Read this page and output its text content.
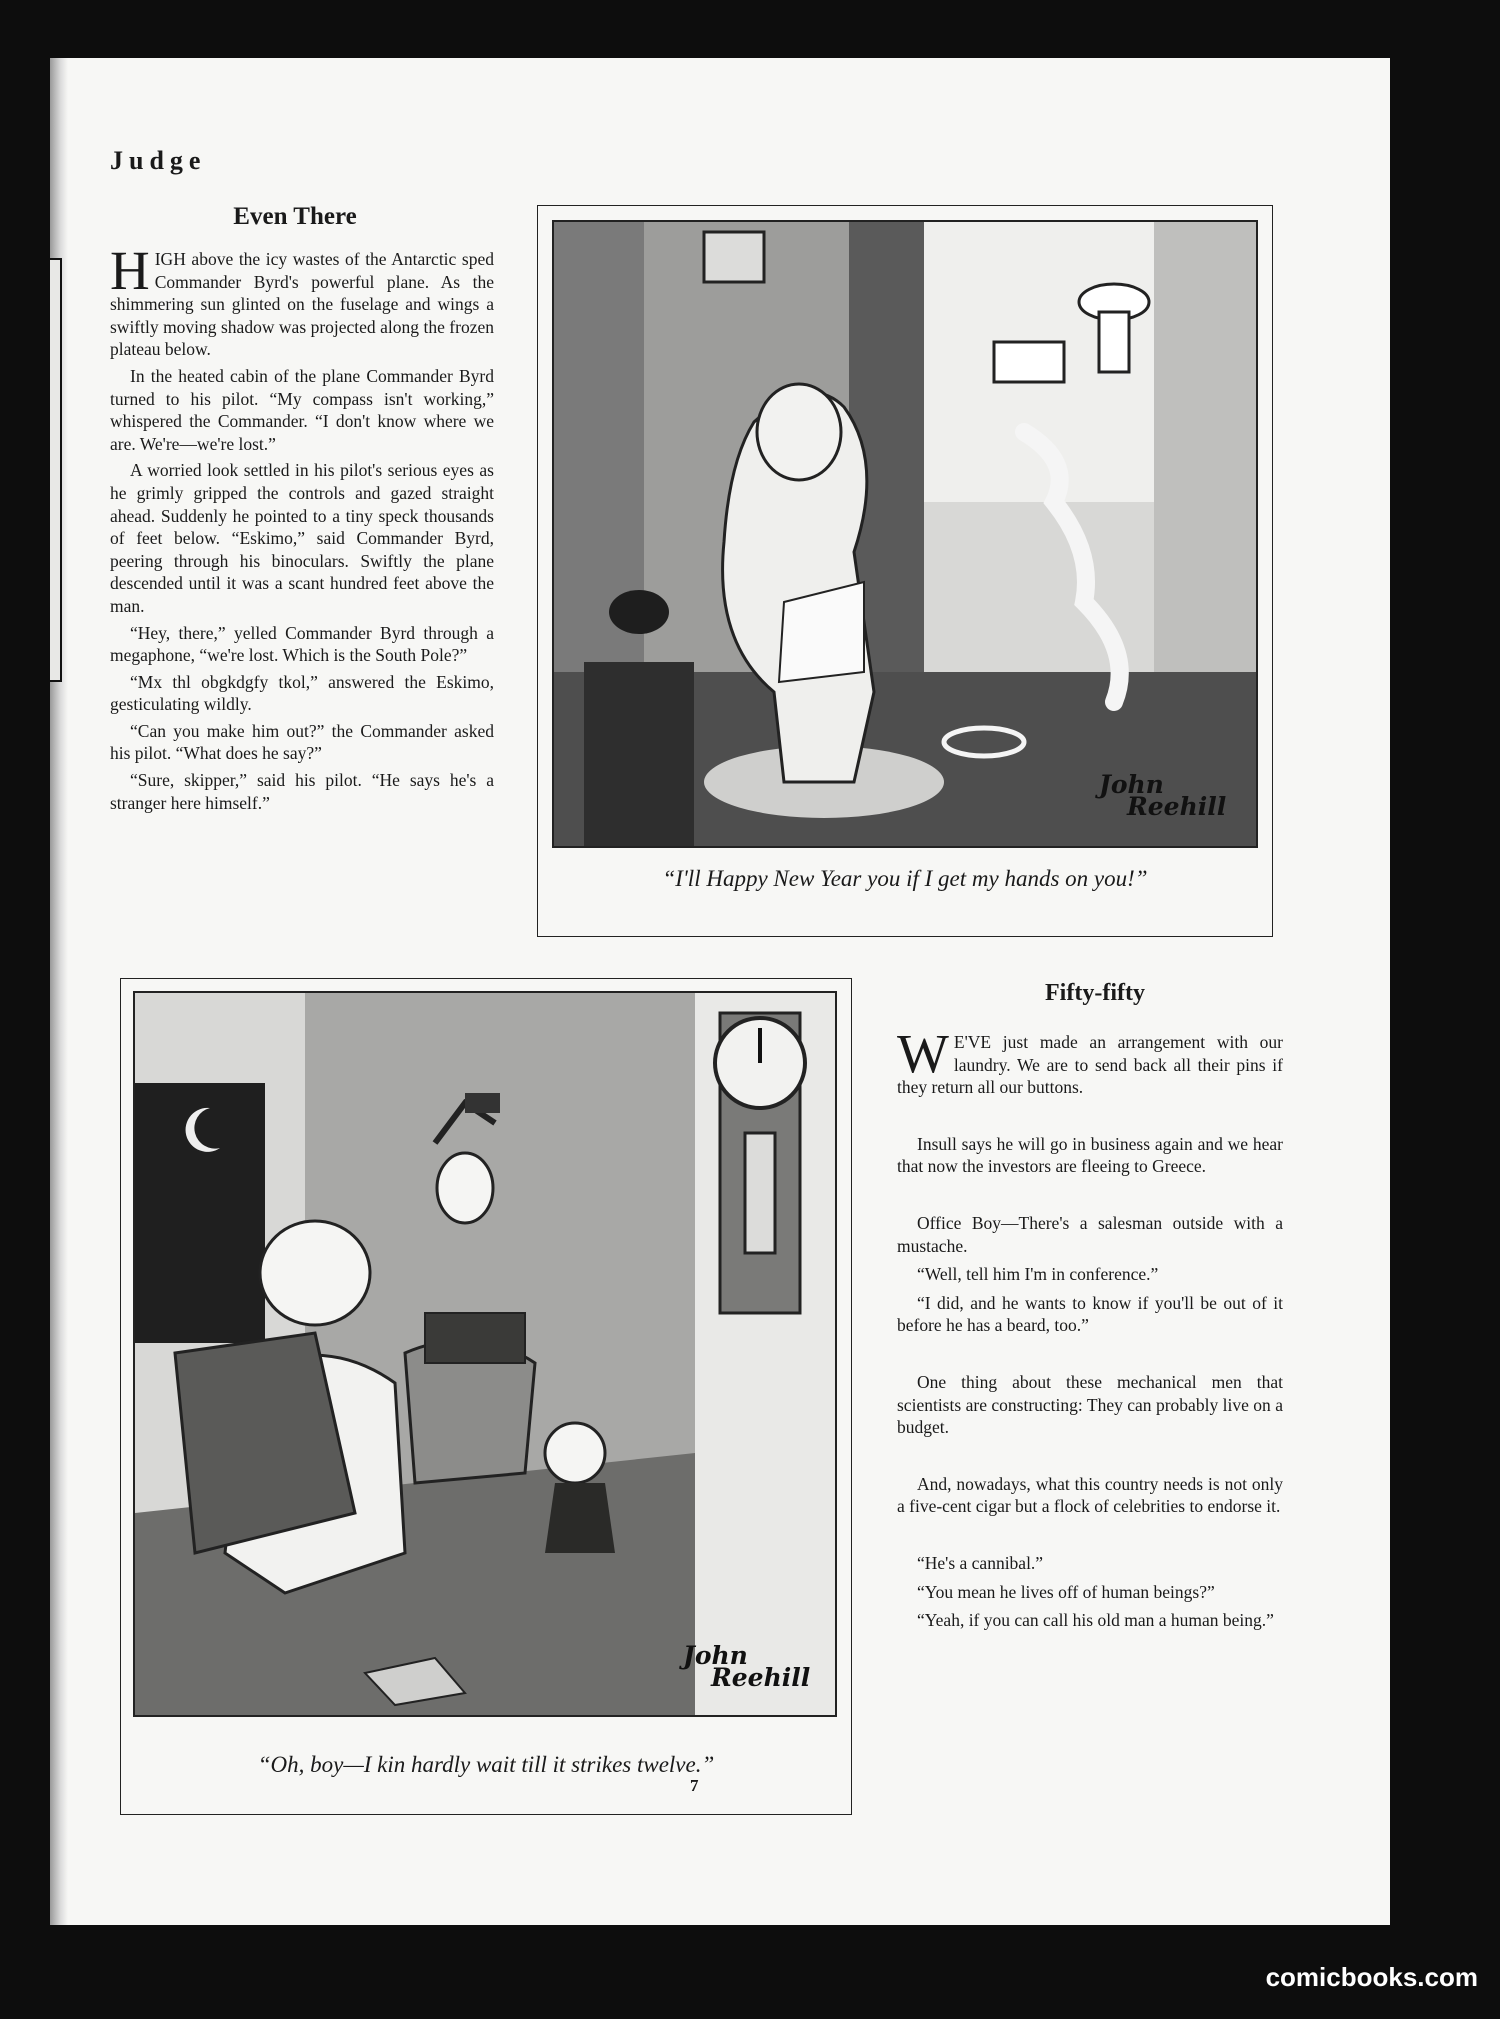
Judge
Even There

HIGH above the icy wastes of the Antarctic sped Commander Byrd's powerful plane. As the shimmering sun glinted on the fuselage and wings a swiftly moving shadow was projected along the frozen plateau below.

In the heated cabin of the plane Commander Byrd turned to his pilot. “My compass isn't working,” whispered the Commander. “I don't know where we are. We're—we're lost.”

A worried look settled in his pilot's serious eyes as he grimly gripped the controls and gazed straight ahead. Suddenly he pointed to a tiny speck thousands of feet below. “Eskimo,” said Commander Byrd, peering through his binoculars. Swiftly the plane descended until it was a scant hundred feet above the man.

“Hey, there,” yelled Commander Byrd through a megaphone, “we're lost. Which is the South Pole?”

“Mx thl obgkdgfy tkol,” answered the Eskimo, gesticulating wildly.

“Can you make him out?” the Commander asked his pilot. “What does he say?”

“Sure, skipper,” said his pilot. “He says he's a stranger here himself.”

John
Reehill
“I'll Happy New Year you if I get my hands on you!”
John
Reehill
“Oh, boy—I kin hardly wait till it strikes twelve.”
Fifty-fifty

W E'VE just made an arrangement with our laundry. We are to send back all their pins if they return all our buttons.

Insull says he will go in business again and we hear that now the investors are fleeing to Greece.

Office Boy—There's a salesman outside with a mustache.

“Well, tell him I'm in conference.”

“I did, and he wants to know if you'll be out of it before he has a beard, too.”

One thing about these mechanical men that scientists are constructing: They can probably live on a budget.

And, nowadays, what this country needs is not only a five-cent cigar but a flock of celebrities to endorse it.

“He's a cannibal.”

“You mean he lives off of human beings?”

“Yeah, if you can call his old man a human being.”

7
comicbooks.com
